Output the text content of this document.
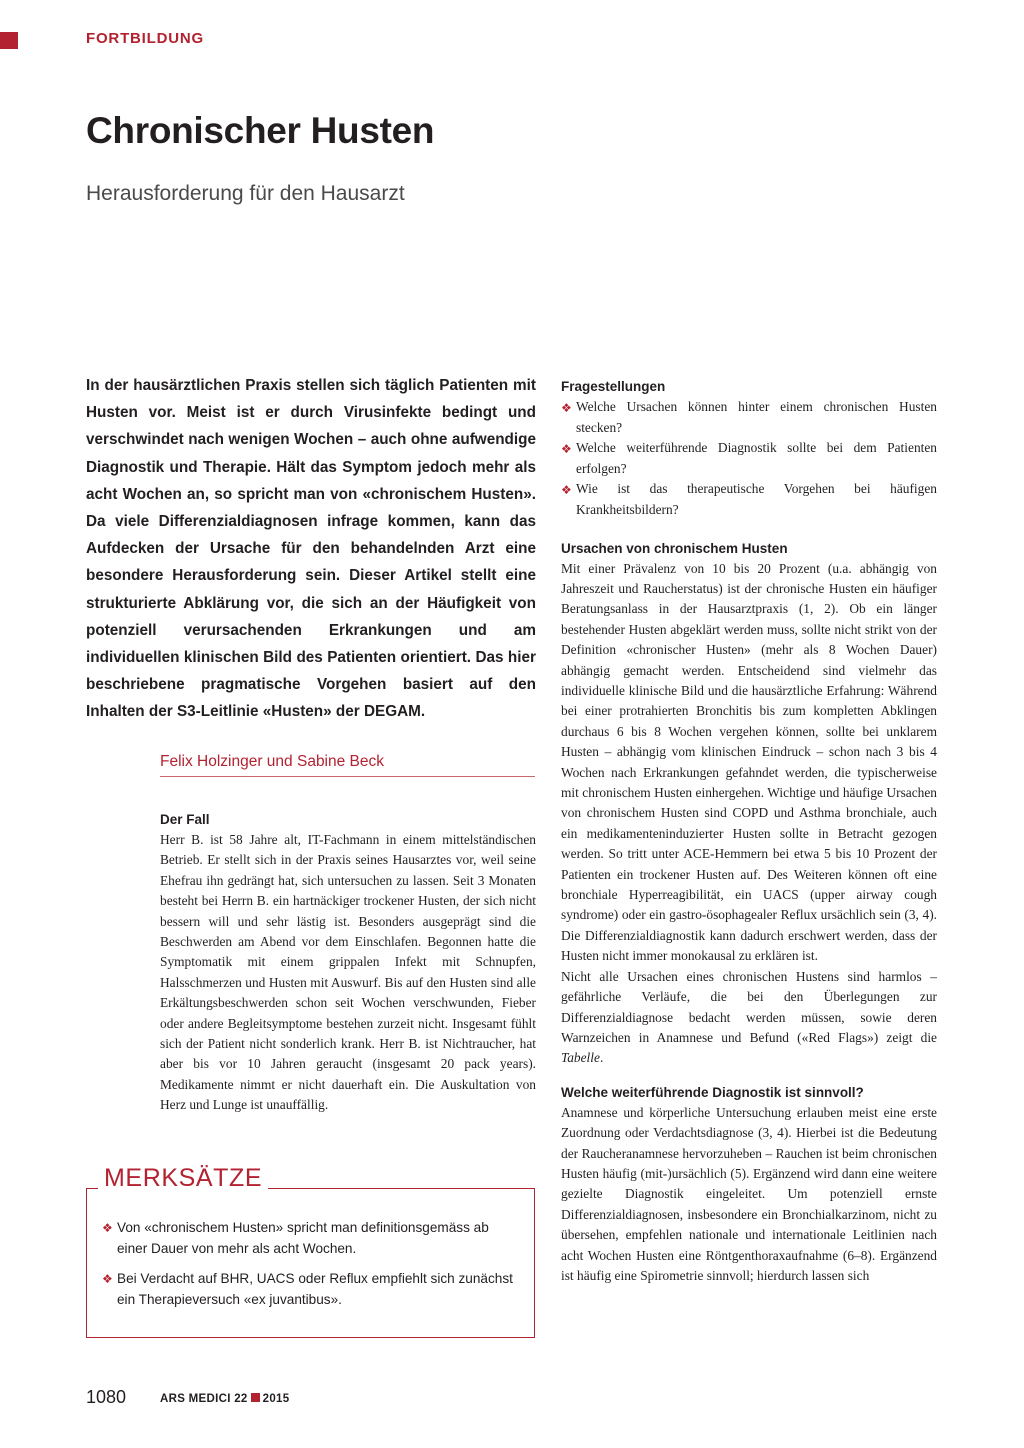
FORTBILDUNG
Chronischer Husten
Herausforderung für den Hausarzt

In der hausärztlichen Praxis stellen sich täglich Patienten mit Husten vor. Meist ist er durch Virusinfekte bedingt und verschwindet nach wenigen Wochen – auch ohne aufwendige Diagnostik und Therapie. Hält das Symptom jedoch mehr als acht Wochen an, so spricht man von «chronischem Husten». Da viele Differenzialdiagnosen infrage kommen, kann das Aufdecken der Ursache für den behandelnden Arzt eine besondere Herausforderung sein. Dieser Artikel stellt eine strukturierte Abklärung vor, die sich an der Häufigkeit von potenziell verursachenden Erkrankungen und am individuellen klinischen Bild des Patienten orientiert. Das hier beschriebene pragmatische Vorgehen basiert auf den Inhalten der S3-Leitlinie «Husten» der DEGAM.

Felix Holzinger und Sabine Beck
Der Fall

Herr B. ist 58 Jahre alt, IT-Fachmann in einem mittelständischen Betrieb. Er stellt sich in der Praxis seines Hausarztes vor, weil seine Ehefrau ihn gedrängt hat, sich untersuchen zu lassen. Seit 3 Monaten besteht bei Herrn B. ein hartnäckiger trockener Husten, der sich nicht bessern will und sehr lästig ist. Besonders ausgeprägt sind die Beschwerden am Abend vor dem Einschlafen. Begonnen hatte die Symptomatik mit einem grippalen Infekt mit Schnupfen, Halsschmerzen und Husten mit Auswurf. Bis auf den Husten sind alle Erkältungsbeschwerden schon seit Wochen verschwunden, Fieber oder andere Begleitsymptome bestehen zurzeit nicht. Insgesamt fühlt sich der Patient nicht sonderlich krank. Herr B. ist Nichtraucher, hat aber bis vor 10 Jahren geraucht (insgesamt 20 pack years). Medikamente nimmt er nicht dauerhaft ein. Die Auskultation von Herz und Lunge ist unauffällig.

MERKSÄTZE
❖ Von «chronischem Husten» spricht man definitionsgemäss ab einer Dauer von mehr als acht Wochen.
❖ Bei Verdacht auf BHR, UACS oder Reflux empfiehlt sich zunächst ein Therapieversuch «ex juvantibus».
Fragestellungen
❖ Welche Ursachen können hinter einem chronischen Husten stecken?
❖ Welche weiterführende Diagnostik sollte bei dem Patienten erfolgen?
❖ Wie ist das therapeutische Vorgehen bei häufigen Krankheitsbildern?
Ursachen von chronischem Husten

Mit einer Prävalenz von 10 bis 20 Prozent (u.a. abhängig von Jahreszeit und Raucherstatus) ist der chronische Husten ein häufiger Beratungsanlass in der Hausarztpraxis (1, 2). Ob ein länger bestehender Husten abgeklärt werden muss, sollte nicht strikt von der Definition «chronischer Husten» (mehr als 8 Wochen Dauer) abhängig gemacht werden. Entscheidend sind vielmehr das individuelle klinische Bild und die hausärztliche Erfahrung: Während bei einer protrahierten Bronchitis bis zum kompletten Abklingen durchaus 6 bis 8 Wochen vergehen können, sollte bei unklarem Husten – abhängig vom klinischen Eindruck – schon nach 3 bis 4 Wochen nach Erkrankungen gefahndet werden, die typischerweise mit chronischem Husten einhergehen. Wichtige und häufige Ursachen von chronischem Husten sind COPD und Asthma bronchiale, auch ein medikamenteninduzierter Husten sollte in Betracht gezogen werden. So tritt unter ACE-Hemmern bei etwa 5 bis 10 Prozent der Patienten ein trockener Husten auf. Des Weiteren können oft eine bronchiale Hyperreagibilität, ein UACS (upper airway cough syndrome) oder ein gastro-ösophagealer Reflux ursächlich sein (3, 4). Die Differenzialdiagnostik kann dadurch erschwert werden, dass der Husten nicht immer monokausal zu erklären ist.

Nicht alle Ursachen eines chronischen Hustens sind harmlos – gefährliche Verläufe, die bei den Überlegungen zur Differenzialdiagnose bedacht werden müssen, sowie deren Warnzeichen in Anamnese und Befund («Red Flags») zeigt die Tabelle.

Welche weiterführende Diagnostik ist sinnvoll?

Anamnese und körperliche Untersuchung erlauben meist eine erste Zuordnung oder Verdachtsdiagnose (3, 4). Hierbei ist die Bedeutung der Raucheranamnese hervorzuheben – Rauchen ist beim chronischen Husten häufig (mit-)ursächlich (5). Ergänzend wird dann eine weitere gezielte Diagnostik eingeleitet. Um potenziell ernste Differenzialdiagnosen, insbesondere ein Bronchialkarzinom, nicht zu übersehen, empfehlen nationale und internationale Leitlinien nach acht Wochen Husten eine Röntgenthoraxaufnahme (6–8). Ergänzend ist häufig eine Spirometrie sinnvoll; hierdurch lassen sich

1080	ARS MEDICI 22 2015
